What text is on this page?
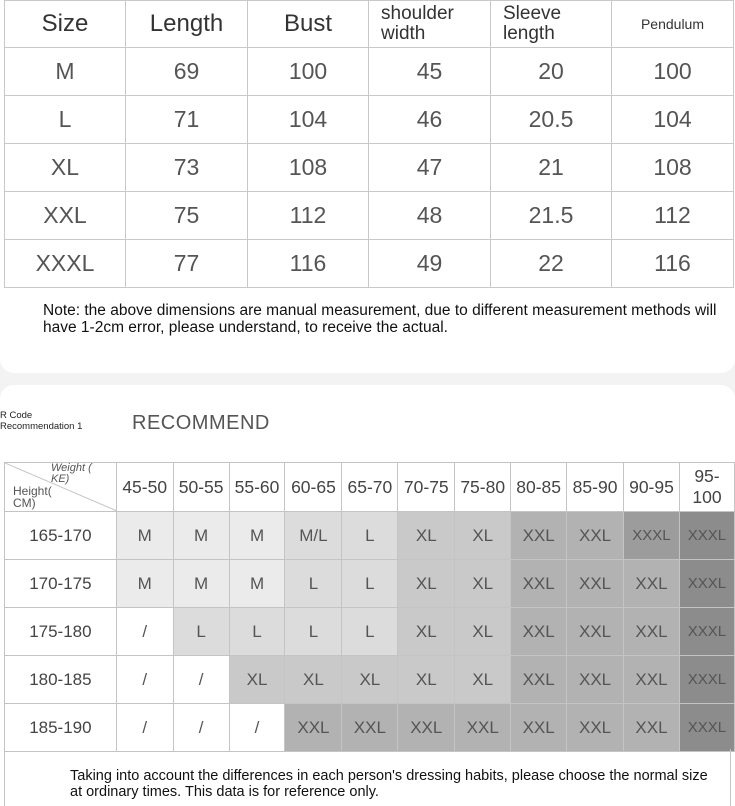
Size	Length	Bust	shoulder width	Sleeve length	Pendulum
M	69	100	45	20	100
L	71	104	46	20.5	104
XL	73	108	47	21	108
XXL	75	112	48	21.5	112
XXXL	77	116	49	22	116
Note: the above dimensions are manual measurement, due to different measurement methods will have 1-2cm error, please understand, to receive the actual.
R Code Recommendation 1	RECOMMEND
Weight ( KE)
Height( CM)	45-50	50-55	55-60	60-65	65-70	70-75	75-80	80-85	85-90	90-95	95-100
165-170	M	M	M	M/L	L	XL	XL	XXL	XXL	XXXL	XXXL
170-175	M	M	M	L	L	XL	XL	XXL	XXL	XXL	XXXL
175-180	/	L	L	L	L	XL	XL	XXL	XXL	XXL	XXXL
180-185	/	/	XL	XL	XL	XL	XL	XXL	XXL	XXL	XXXL
185-190	/	/	/	XXL	XXL	XXL	XXL	XXL	XXL	XXL	XXXL
Taking into account the differences in each person's dressing habits, please choose the normal size at ordinary times. This data is for reference only.
